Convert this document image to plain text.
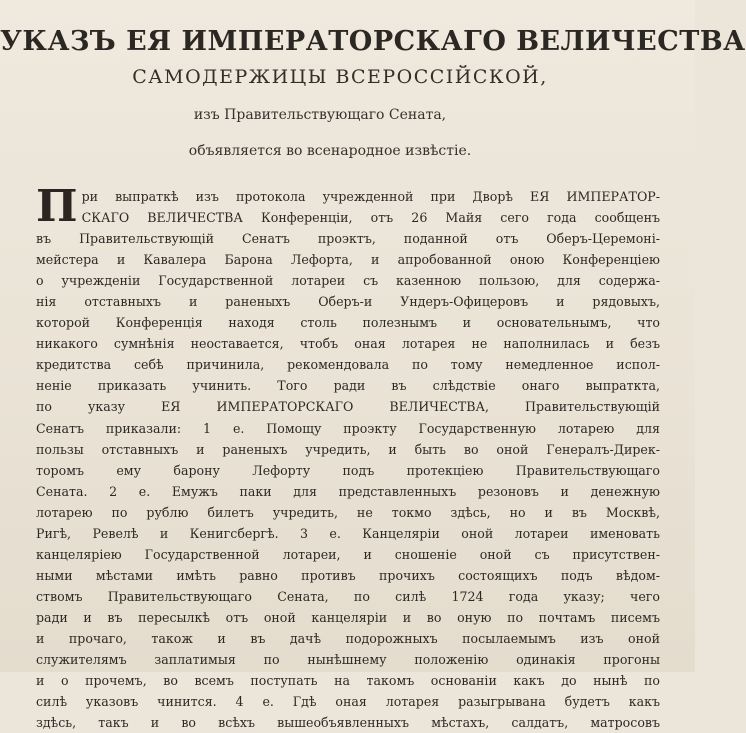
УКАЗЪ ЕЯ ИМПЕРАТОРСКАГО ВЕЛИЧЕСТВА
САМОДЕРЖИЦЫ ВСЕРОССІЙСКОЙ,
изъ Правительствующаго Сената,
объявляется во всенародное извѣстіе.
П ри выпраткѣ изъ протокола учрежденной при Дворѣ ЕЯ ИМПЕРАТОР-
СКАГО ВЕЛИЧЕСТВА Конференціи, отъ 26 Майя сего года сообщенъ
въ Правительствующій Сенатъ проэктъ, поданной отъ Оберъ-Церемоні-
мейстера и Кавалера Барона Лефорта, и апробованной оною Конференціею
о учрежденіи Государственной лотареи съ казенною пользою, для содержа-
нія отставныхъ и раненыхъ Оберъ-и Ундеръ-Офицеровъ и рядовыхъ,
которой Конференція находя столь полезнымъ и основательнымъ, что
никакого сумнѣнія неоставается, чтобъ оная лотарея не наполнилась и безъ
кредитства себѣ причинила, рекомендовала по тому немедленное испол-
неніе приказать учинить. Того ради въ слѣдствіе онаго выпраткта,
по указу ЕЯ ИМПЕРАТОРСКАГО ВЕЛИЧЕСТВА, Правительствующій
Сенатъ приказали: 1 е. Помощу проэкту Государственную лотарею для
пользы отставныхъ и раненыхъ учредить, и быть во оной Генералъ-Дирек-
торомъ ему барону Лефорту подъ протекціею Правительствующаго
Сената. 2 е. Емужъ паки для представленныхъ резоновъ и денежную
лотарею по рублю билетъ учредить, не токмо здѣсь, но и въ Москвѣ,
Ригѣ, Ревелѣ и Кенигсбергѣ. 3 е. Канцеляріи оной лотареи именовать
канцеляріею Государственной лотареи, и сношеніе оной съ присутствен-
ными мѣстами имѣть равно противъ прочихъ состоящихъ подъ вѣдом-
ствомъ Правительствующаго Сената, по силѣ 1724 года указу; чего
ради и въ пересылкѣ отъ оной канцеляріи и во оную по почтамъ писемъ
и прочаго, також и въ дачѣ подорожныхъ посылаемымъ изъ оной
служителямъ заплатимыя по нынѣшнему положенію одинакія прогоны
и о прочемъ, во всемъ поступать на такомъ основаніи какъ до нынѣ по
силѣ указовъ чинится. 4 е. Гдѣ оная лотарея разыгрывана будетъ какъ
здѣсь, такъ и во всѣхъ вышеобъявленныхъ мѣстахъ, салдатъ, матросовъ
